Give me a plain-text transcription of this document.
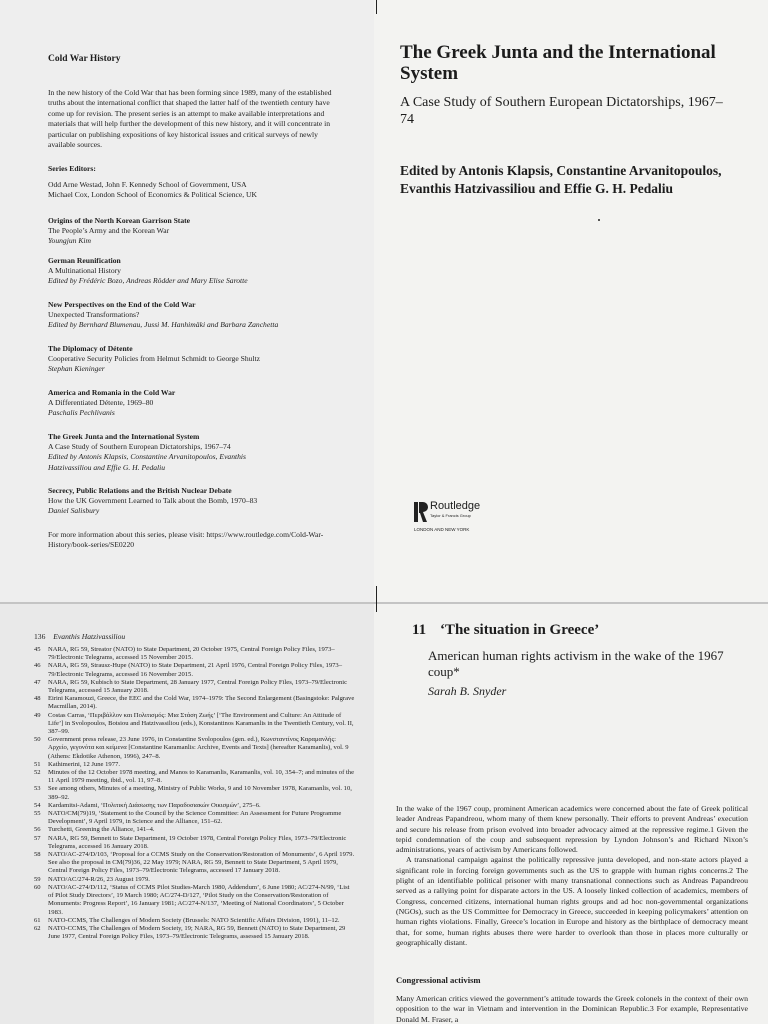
Cold War History
In the new history of the Cold War that has been forming since 1989, many of the established truths about the international conflict that shaped the latter half of the twentieth century have come up for revision. The present series is an attempt to make available interpretations and materials that will help further the development of this new history, and it will concentrate in particular on publishing expositions of key historical issues and critical surveys of newly available sources.
Series Editors:
Odd Arne Westad, John F. Kennedy School of Government, USA
Michael Cox, London School of Economics & Political Science, UK
Origins of the North Korean Garrison State
The People’s Army and the Korean War
Youngjun Kim
German Reunification
A Multinational History
Edited by Frédéric Bozo, Andreas Rödder and Mary Elise Sarotte
New Perspectives on the End of the Cold War
Unexpected Transformations?
Edited by Bernhard Blumenau, Jussi M. Hanhimäki and Barbara Zanchetta
The Diplomacy of Détente
Cooperative Security Policies from Helmut Schmidt to George Shultz
Stephan Kieninger
America and Romania in the Cold War
A Differentiated Détente, 1969–80
Paschalis Pechlivanis
The Greek Junta and the International System
A Case Study of Southern European Dictatorships, 1967–74
Edited by Antonis Klapsis, Constantine Arvanitopoulos, Evanthis Hatzivassiliou and Effie G. H. Pedaliu
Secrecy, Public Relations and the British Nuclear Debate
How the UK Government Learned to Talk about the Bomb, 1970–83
Daniel Salisbury
For more information about this series, please visit: https://www.routledge.com/Cold-War-History/book-series/SE0220
The Greek Junta and the International System
A Case Study of Southern European Dictatorships, 1967–74
Edited by Antonis Klapsis, Constantine Arvanitopoulos, Evanthis Hatzivassiliou and Effie G. H. Pedaliu
Routledge
Taylor & Francis Group
LONDON AND NEW YORK
136 Evanthis Hatzivassiliou
45 NARA, RG 59, Streator (NATO) to State Department, 20 October 1975, Central Foreign Policy Files, 1973–79/Electronic Telegrams, accessed 15 November 2015.
46 NARA, RG 59, Strausz-Hupe (NATO) to State Department, 21 April 1976, Central Foreign Policy Files, 1973–79/Electronic Telegrams, accessed 16 November 2015.
47 NARA, RG 59, Kubisch to State Department, 28 January 1977, Central Foreign Policy Files, 1973–79/Electronic Telegrams, accessed 15 January 2018.
48 Eirini Karamouzi, Greece, the EEC and the Cold War, 1974–1979: The Second Enlargement (Basingstoke: Palgrave Macmillan, 2014).
49 Costas Carras, ‘Περιβάλλον και Πολιτισμός: Μια Στάση Ζωής’ [‘The Environment and Culture: An Attitude of Life’] in Svolopoulos, Botsiou and Hatzivassiliou (eds.), Konstantinos Karamanlis in the Twentieth Century, vol. II, 387–99.
50 Government press release, 23 June 1976, in Constantine Svolopoulos (gen. ed.), Κωνσταντίνος Καραμανλής: Αρχείο, γεγονότα και κείμενα [Constantine Karamanlis: Archive, Events and Texts] (hereafter Karamanlis), vol. 9 (Athens: Ekdotike Athenon, 1996), 247–8.
51 Kathimerini, 12 June 1977.
52 Minutes of the 12 October 1978 meeting, and Manos to Karamanlis, Karamanlis, vol. 10, 354–7; and minutes of the 11 April 1979 meeting, ibid., vol. 11, 97–8.
53 See among others, Minutes of a meeting, Ministry of Public Works, 9 and 10 November 1978, Karamanlis, vol. 10, 389–92.
54 Kardamitsi-Adami, ‘Πολιτική Διάσωσης των Παραδοσιακών Οικισμών’, 275–6.
55 NATO/CM(79)19, ‘Statement to the Council by the Science Committee: An Assessment for Future Programme Development’, 9 April 1979, in Science and the Alliance, 151–62.
56 Turchetti, Greening the Alliance, 141–4.
57 NARA, RG 59, Bennett to State Department, 19 October 1978, Central Foreign Policy Files, 1973–79/Electronic Telegrams, accessed 16 January 2018.
58 NATO/AC-274/D/103, ‘Proposal for a CCMS Study on the Conservation/Restoration of Monuments’, 6 April 1979. See also the proposal in CM(79)36, 22 May 1979; NARA, RG 59, Bennett to State Department, 5 April 1979, Central Foreign Policy Files, 1973–79/Electronic Telegrams, accessed 17 January 2018.
59 NATO/AC/274-R/26, 23 August 1979.
60 NATO/AC-274/D/112, ‘Status of CCMS Pilot Studies-March 1980, Addendum’, 6 June 1980; AC/274-N/99, ‘List of Pilot Study Directors’, 19 March 1980; AC/274-D/127, ‘Pilot Study on the Conservation/Restoration of Monuments: Progress Report’, 16 January 1981; AC/274-N/137, ‘Meeting of National Coordinators’, 5 October 1983.
61 NATO-CCMS, The Challenges of Modern Society (Brussels: NATO Scientific Affairs Division, 1991), 11–12.
62 NATO-CCMS, The Challenges of Modern Society, 19; NARA, RG 59, Bennett (NATO) to State Department, 29 June 1977, Central Foreign Policy Files, 1973–79/Electronic Telegrams, assessed 15 January 2018.
11 ‘The situation in Greece’
American human rights activism in the wake of the 1967 coup*
Sarah B. Snyder

In the wake of the 1967 coup, prominent American academics were concerned about the fate of Greek political leader Andreas Papandreou, whom many of them knew personally. Their efforts to prevent Andreas’ execution and secure his release from prison evolved into broader advocacy aimed at the repressive regime.1 Given the tepid condemnation of the coup and subsequent repression by Lyndon Johnson’s and Richard Nixon’s administrations, years of activism by Americans followed.

A transnational campaign against the politically repressive junta developed, and non-state actors played a significant role in forcing foreign governments such as the US to grapple with human rights concerns.2 The plight of an identifiable political prisoner with many transnational connections such as Andreas Papandreou served as a rallying point for disparate actors in the US. A loosely linked collection of academics, members of Congress, concerned citizens, international human rights groups and ad hoc non-governmental organizations (NGOs), such as the US Committee for Democracy in Greece, succeeded in keeping policymakers’ attention on human rights violations. Finally, Greece’s location in Europe and history as the birthplace of democracy meant that, for some, human rights abuses there were harder to overlook than those in places more culturally or geographically distant.

Congressional activism
Many American critics viewed the government’s attitude towards the Greek colonels in the context of their own opposition to the war in Vietnam and intervention in the Dominican Republic.3 For example, Representative Donald M. Fraser, a
